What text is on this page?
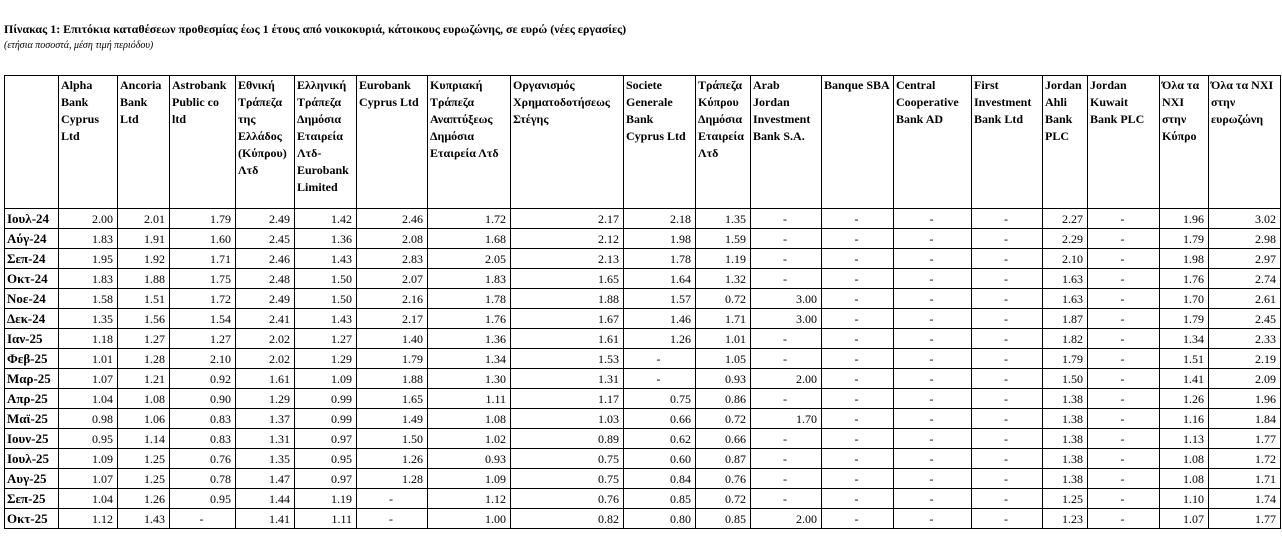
Πίνακας 1: Επιτόκια καταθέσεων προθεσμίας έως 1 έτους από νοικοκυριά, κάτοικους ευρωζώνης, σε ευρώ (νέες εργασίες)
(ετήσια ποσοστά, μέση τιμή περιόδου)
	Alpha Bank Cyprus Ltd	Ancoria Bank Ltd	Astrobank Public co ltd	Εθνική Τράπεζα της Ελλάδος (Κύπρου) Λτδ	Ελληνική Τράπεζα Δημόσια Εταιρεία Λτδ-Eurobank Limited	Eurobank Cyprus Ltd	Κυπριακή Τράπεζα Αναπτύξεως Δημόσια Εταιρεία Λτδ	Οργανισμός Χρηματοδοτήσεως Στέγης	Societe Generale Bank Cyprus Ltd	Τράπεζα Κύπρου Δημόσια Εταιρεία Λτδ	Arab Jordan Investment Bank S.A.	Banque SBA	Central Cooperative Bank AD	First Investment Bank Ltd	Jordan Ahli Bank PLC	Jordan Kuwait Bank PLC	Όλα τα ΝΧΙ στην Κύπρο	Όλα τα ΝΧΙ στην ευρωζώνη
Ιουλ-24	2.00	2.01	1.79	2.49	1.42	2.46	1.72	2.17	2.18	1.35	-	-	-	-	2.27	-	1.96	3.02
Αύγ-24	1.83	1.91	1.60	2.45	1.36	2.08	1.68	2.12	1.98	1.59	-	-	-	-	2.29	-	1.79	2.98
Σεπ-24	1.95	1.92	1.71	2.46	1.43	2.83	2.05	2.13	1.78	1.19	-	-	-	-	2.10	-	1.98	2.97
Οκτ-24	1.83	1.88	1.75	2.48	1.50	2.07	1.83	1.65	1.64	1.32	-	-	-	-	1.63	-	1.76	2.74
Νοε-24	1.58	1.51	1.72	2.49	1.50	2.16	1.78	1.88	1.57	0.72	3.00	-	-	-	1.63	-	1.70	2.61
Δεκ-24	1.35	1.56	1.54	2.41	1.43	2.17	1.76	1.67	1.46	1.71	3.00	-	-	-	1.87	-	1.79	2.45
Ιαν-25	1.18	1.27	1.27	2.02	1.27	1.40	1.36	1.61	1.26	1.01	-	-	-	-	1.82	-	1.34	2.33
Φεβ-25	1.01	1.28	2.10	2.02	1.29	1.79	1.34	1.53	-	1.05	-	-	-	-	1.79	-	1.51	2.19
Μαρ-25	1.07	1.21	0.92	1.61	1.09	1.88	1.30	1.31	-	0.93	2.00	-	-	-	1.50	-	1.41	2.09
Απρ-25	1.04	1.08	0.90	1.29	0.99	1.65	1.11	1.17	0.75	0.86	-	-	-	-	1.38	-	1.26	1.96
Μαϊ-25	0.98	1.06	0.83	1.37	0.99	1.49	1.08	1.03	0.66	0.72	1.70	-	-	-	1.38	-	1.16	1.84
Ιουν-25	0.95	1.14	0.83	1.31	0.97	1.50	1.02	0.89	0.62	0.66	-	-	-	-	1.38	-	1.13	1.77
Ιουλ-25	1.09	1.25	0.76	1.35	0.95	1.26	0.93	0.75	0.60	0.87	-	-	-	-	1.38	-	1.08	1.72
Αυγ-25	1.07	1.25	0.78	1.47	0.97	1.28	1.09	0.75	0.84	0.76	-	-	-	-	1.38	-	1.08	1.71
Σεπ-25	1.04	1.26	0.95	1.44	1.19	-	1.12	0.76	0.85	0.72	-	-	-	-	1.25	-	1.10	1.74
Οκτ-25	1.12	1.43	-	1.41	1.11	-	1.00	0.82	0.80	0.85	2.00	-	-	-	1.23	-	1.07	1.77
